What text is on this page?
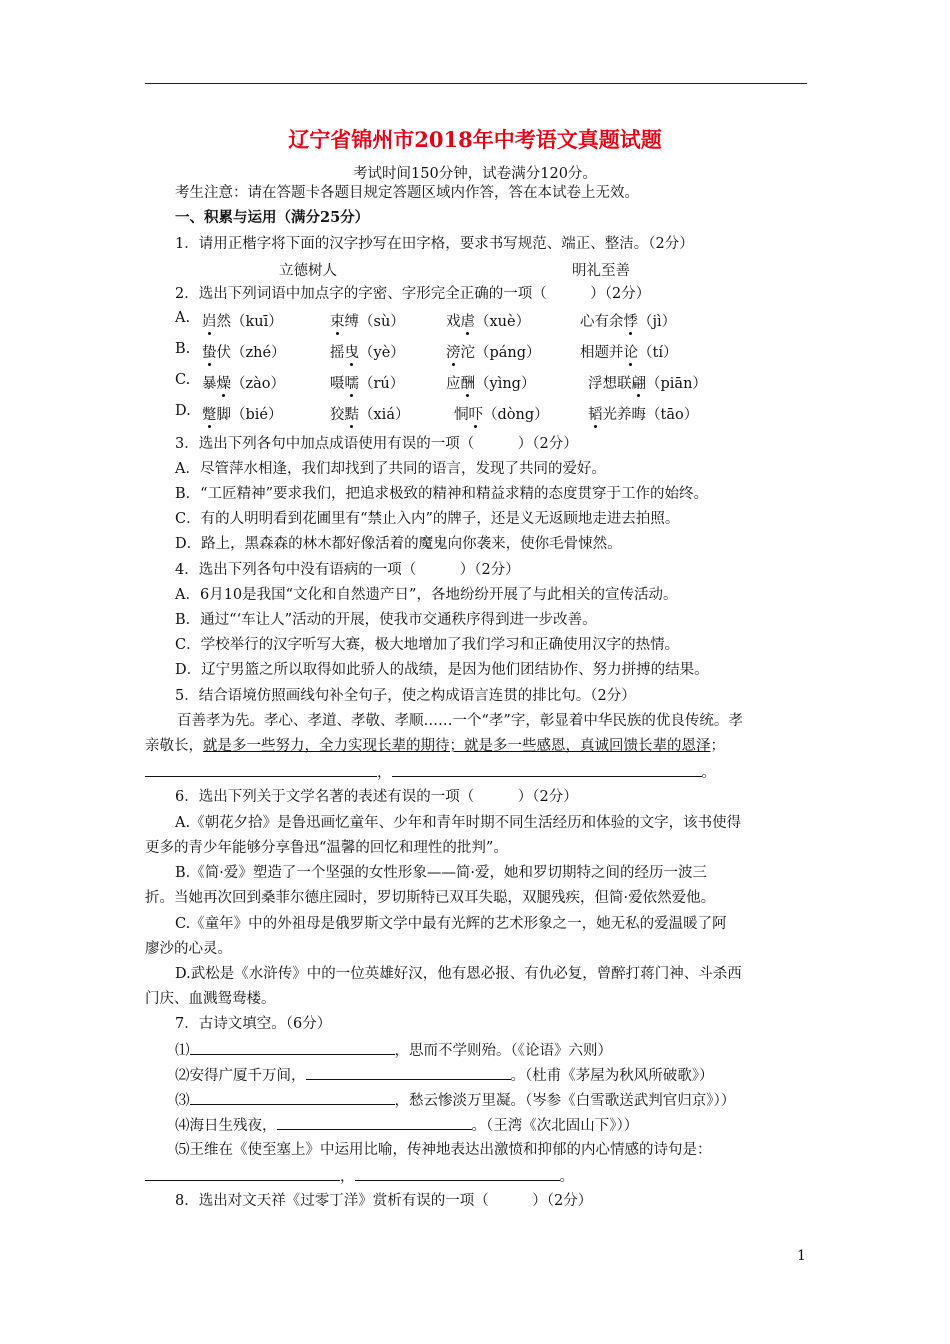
辽宁省锦州市2018年中考语文真题试题
考试时间150分钟，试卷满分120分。
考生注意：请在答题卡各题目规定答题区域内作答，答在本试卷上无效。
一、积累与运用（满分25分）
1．请用正楷字将下面的汉字抄写在田字格，要求书写规范、端正、整洁。（2分）
立德树人	明礼至善
2．选出下列词语中加点字的字密、字形完全正确的一项（　　　）（2分）
A. 岿然（kuī）	束缚（sù）	戏虐（xuè）	心有余悸（jì）
B. 蛰伏（zhé）	摇曳（yè）	滂沱（páng）	相题并论（tí）
C. 暴燥（zào）	嗫嚅（rú）	应酬（yìng）	浮想联翩（piān）
D. 蹩脚（bié）	狡黠（xiá）	恫吓（dòng）	韬光养晦（tāo）
3．选出下列各句中加点成语使用有误的一项（　　　）（2分）
A．尽管萍水相逢，我们却找到了共同的语言，发现了共同的爱好。
B．“工匠精神”要求我们，把追求极致的精神和精益求精的态度贯穿于工作的始终。
C．有的人明明看到花圃里有“禁止入内”的牌子，还是义无返顾地走进去拍照。
D．路上，黑森森的林木都好像活着的魔鬼向你袭来，使你毛骨悚然。
4．选出下列各句中没有语病的一项（　　　）（2分）
A．6月10是我国“文化和自然遗产日”，各地纷纷开展了与此相关的宣传活动。
B．通过“‘车让人”活动的开展，使我市交通秩序得到进一步改善。
C．学校举行的汉字听写大赛，极大地增加了我们学习和正确使用汉字的热情。
D．辽宁男篮之所以取得如此骄人的战绩，是因为他们团结协作、努力拼搏的结果。
5．结合语境仿照画线句补全句子，使之构成语言连贯的排比句。（2分）
百善孝为先。孝心、孝道、孝敬、孝顺……一个“孝”字，彰显着中华民族的优良传统。孝
亲敬长，就是多一些努力，全力实现长辈的期待；就是多一些感恩，真诚回馈长辈的恩泽；
，	。
6．选出下列关于文学名著的表述有误的一项（　　　）（2分）
A.《朝花夕拾》是鲁迅画忆童年、少年和青年时期不同生活经历和体验的文字，该书使得
更多的青少年能够分享鲁迅“温馨的回忆和理性的批判”。
B.《简·爱》塑造了一个坚强的女性形象——简·爱，她和罗切期特之间的经历一波三
折。当她再次回到桑菲尔德庄园时，罗切斯特已双耳失聪，双腿残疾，但简·爱依然爱他。
C.《童年》中的外祖母是俄罗斯文学中最有光辉的艺术形象之一，她无私的爱温暖了阿
廖沙的心灵。
D.武松是《水浒传》中的一位英雄好汉，他有恩必报、有仇必复，曾醉打蒋门神、斗杀西
门庆、血溅鸳鸯楼。
7．古诗文填空。（6分）
⑴	，思而不学则殆。（《论语》六则）
⑵安得广厦千万间，	。（杜甫《茅屋为秋风所破歌》）
⑶	，愁云惨淡万里凝。（岑参《白雪歌送武判官归京》））
⑷海日生残夜，	。（王湾《次北固山下》））
⑸王维在《使至塞上》中运用比喻，传神地表达出激愤和抑郁的内心情感的诗句是：
，	。
8．选出对文天祥《过零丁洋》赏析有误的一项（　　　）（2分）
1
